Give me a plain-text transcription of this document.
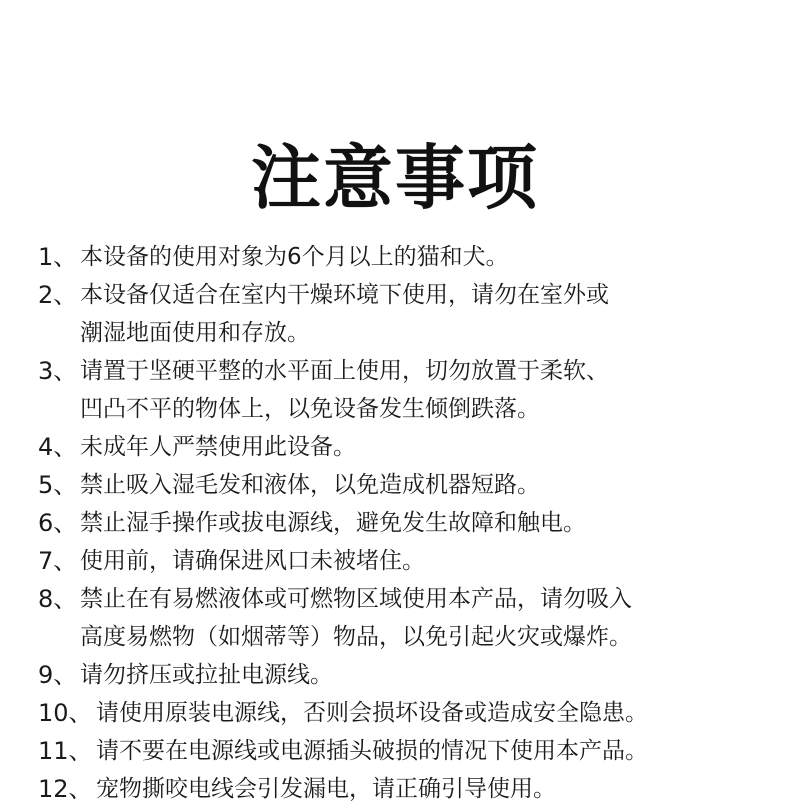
注意事项
1、 本设备的使用对象为6个月以上的猫和犬。
2、 本设备仅适合在室内干燥环境下使用，请勿在室外或
潮湿地面使用和存放。
3、 请置于坚硬平整的水平面上使用，切勿放置于柔软、
凹凸不平的物体上，以免设备发生倾倒跌落。
4、 未成年人严禁使用此设备。
5、 禁止吸入湿毛发和液体，以免造成机器短路。
6、 禁止湿手操作或拔电源线，避免发生故障和触电。
7、 使用前，请确保进风口未被堵住。
8、 禁止在有易燃液体或可燃物区域使用本产品，请勿吸入
高度易燃物（如烟蒂等）物品，以免引起火灾或爆炸。
9、 请勿挤压或拉扯电源线。
10、 请使用原装电源线，否则会损坏设备或造成安全隐患。
11、 请不要在电源线或电源插头破损的情况下使用本产品。
12、 宠物撕咬电线会引发漏电，请正确引导使用。
